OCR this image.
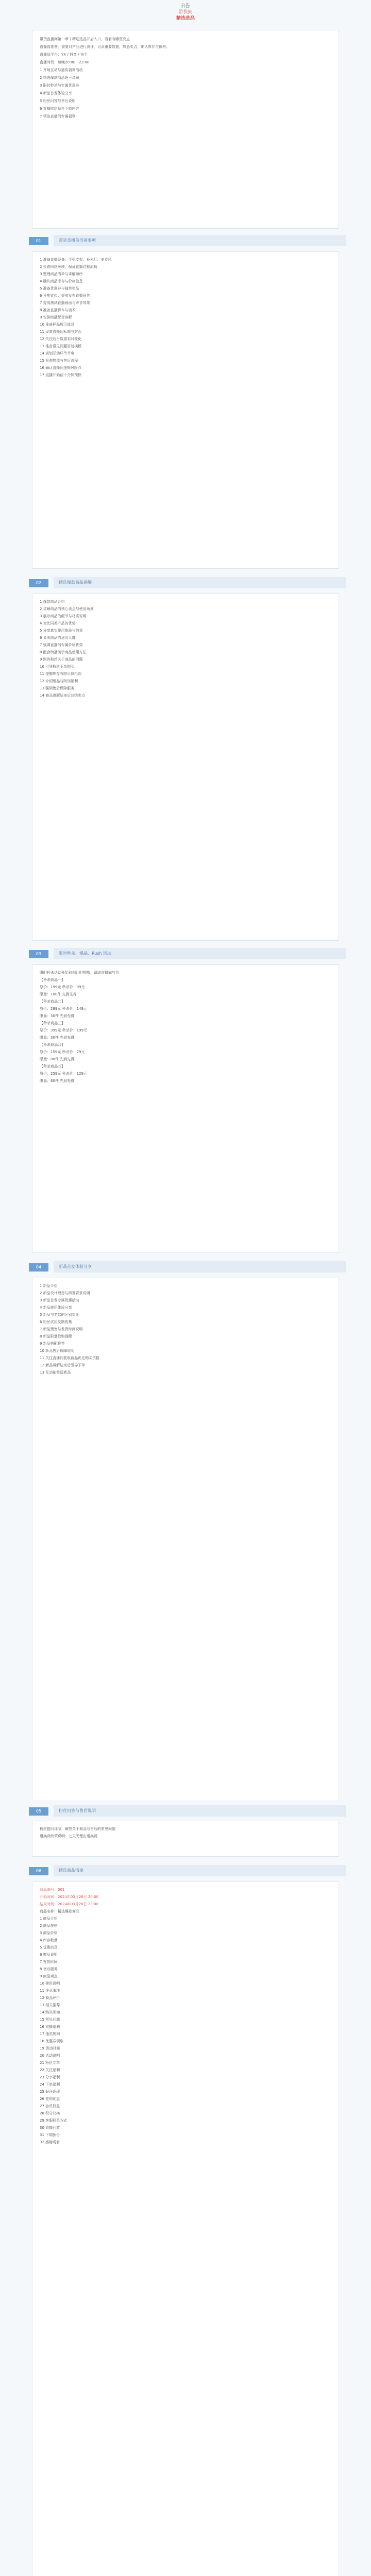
公告
带货间
精选选品

带货直播间第一章丨精选选品开启入口，看看有哪些亮点

直播前准备，需要对产品进行测评，记录重要数据，熟悉卖点，确认库存与价格。

直播间平台：YX / 抖音 / 快手

直播时间：每晚20:00 - 23:00

1 开场互动与抽奖福利活动

2 精选爆款商品逐一讲解

3 限时秒杀与专属优惠券

4 新品首发体验分享

5 粉丝问答与售后说明

6 直播收尾预告下期内容

7 领取直播间专属福利

带货直播前准备事项
01
1 准备直播设备：手机支架、补光灯、麦克风
2 检查网络环境，保证直播过程流畅
3 整理商品清单与讲解顺序
4 确认商品库存与价格信息
5 准备优惠券与抽奖奖品
6 预热宣传：提前发布直播预告
7 提前测试直播画面与声音效果
8 准备直播脚本与话术
9 安排助播配合讲解
10 准备样品展示道具
11 设置直播间标题与封面
12 关注后台数据实时变化
13 准备常见问题答复模板
14 规划互动环节节奏
15 检查物流与售后流程
16 确认直播间违规风险点
17 直播开始前十分钟预热
精选爆款商品讲解
02
1 爆款商品介绍
2 讲解商品的核心卖点与使用场景
3 展示商品的细节与材质说明
4 对比同类产品的优势
5 分享真实使用体验与效果
6 说明商品的适用人群
7 强调直播间专属价格优势
8 配合助播演示商品使用方法
9 回答粉丝关于商品的问题
10 引导粉丝下单购买
11 提醒库存有限尽快抢购
12 介绍赠品与附加福利
13 强调售后保障服务
14 商品讲解结束后总结卖点
限时秒杀、爆品、Rush 活动
03
限时秒杀活动开始前倒计时提醒，调动直播间气氛
【秒杀商品一】
原价：199元 秒杀价：99元
限量：100件 先到先得
【秒杀商品二】
原价：299元 秒杀价：149元
限量：50件 先到先得
【秒杀商品三】
原价：399元 秒杀价：199元
限量：30件 先到先得
【秒杀商品四】
原价：159元 秒杀价：79元
限量：80件 先到先得
【秒杀商品五】
原价：259元 秒杀价：129元
限量：60件 先到先得
新品首发体验分享
04
1 新品介绍
2 新品设计理念与研发背景说明
3 新品首发专属优惠活动
4 新品使用体验分享
5 新品与老款的区别对比
6 粉丝试用反馈收集
7 新品预售与发货时间说明
8 新品限量抢购提醒
9 新品搭配推荐
10 新品售后保障说明
11 关注直播间获取新品优先购买资格
12 新品讲解结束后引导下单
13 互动抽奖送新品
粉丝问答与售后说明
05
粉丝提问环节，解答关于商品与售后的常见问题
退换货政策说明：七天无理由退换货
精选商品清单
06
商品编号：001
开始时间：2024年03月28日 20:00
结束时间：2024年03月28日 23:00
商品名称：精选爆款商品
1 商品介绍
2 商品规格
3 商品价格
4 库存数量
5 优惠信息
6 赠品说明
7 发货时间
8 售后服务
9 商品卖点
10 使用说明
11 注意事项
12 商品评价
13 相关推荐
14 购买须知
15 常见问题
16 直播福利
17 抽奖规则
18 优惠券领取
19 活动时间
20 活动说明
21 粉丝专享
22 关注福利
23 分享福利
24 下单福利
25 好评返现
26 复购优惠
27 会员权益
28 积分兑换
29 客服联系方式
30 直播回放
31 下期预告
32 感谢观看
